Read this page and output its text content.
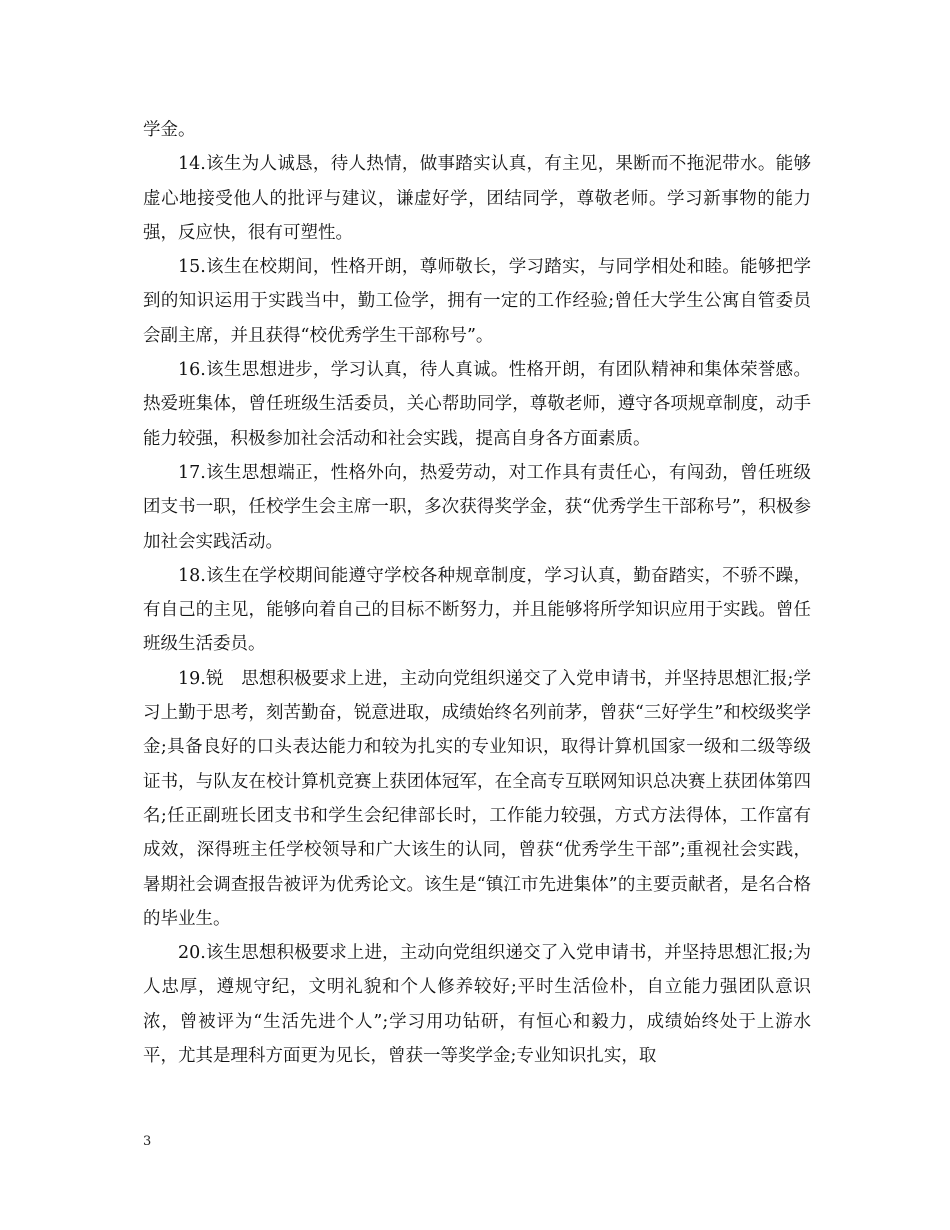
学金。

14.该生为人诚恳，待人热情，做事踏实认真，有主见，果断而不拖泥带水。能够虚心地接受他人的批评与建议，谦虚好学，团结同学，尊敬老师。学习新事物的能力强，反应快，很有可塑性。

15.该生在校期间，性格开朗，尊师敬长，学习踏实，与同学相处和睦。能够把学到的知识运用于实践当中，勤工俭学，拥有一定的工作经验;曾任大学生公寓自管委员会副主席，并且获得“校优秀学生干部称号”。

16.该生思想进步，学习认真，待人真诚。性格开朗，有团队精神和集体荣誉感。热爱班集体，曾任班级生活委员，关心帮助同学，尊敬老师，遵守各项规章制度，动手能力较强，积极参加社会活动和社会实践，提高自身各方面素质。

17.该生思想端正，性格外向，热爱劳动，对工作具有责任心，有闯劲，曾任班级团支书一职，任校学生会主席一职，多次获得奖学金，获“优秀学生干部称号”，积极参加社会实践活动。

18.该生在学校期间能遵守学校各种规章制度，学习认真，勤奋踏实，不骄不躁，有自己的主见，能够向着自己的目标不断努力，并且能够将所学知识应用于实践。曾任班级生活委员。

19.锐　思想积极要求上进，主动向党组织递交了入党申请书，并坚持思想汇报;学习上勤于思考，刻苦勤奋，锐意进取，成绩始终名列前茅，曾获“三好学生”和校级奖学金;具备良好的口头表达能力和较为扎实的专业知识，取得计算机国家一级和二级等级证书，与队友在校计算机竞赛上获团体冠军，在全高专互联网知识总决赛上获团体第四名;任正副班长团支书和学生会纪律部长时，工作能力较强，方式方法得体，工作富有成效，深得班主任学校领导和广大该生的认同，曾获“优秀学生干部”;重视社会实践，暑期社会调查报告被评为优秀论文。该生是“镇江市先进集体”的主要贡献者，是名合格的毕业生。

20.该生思想积极要求上进，主动向党组织递交了入党申请书，并坚持思想汇报;为人忠厚，遵规守纪，文明礼貌和个人修养较好;平时生活俭朴，自立能力强团队意识浓，曾被评为“生活先进个人”;学习用功钻研，有恒心和毅力，成绩始终处于上游水平，尤其是理科方面更为见长，曾获一等奖学金;专业知识扎实，取

3
